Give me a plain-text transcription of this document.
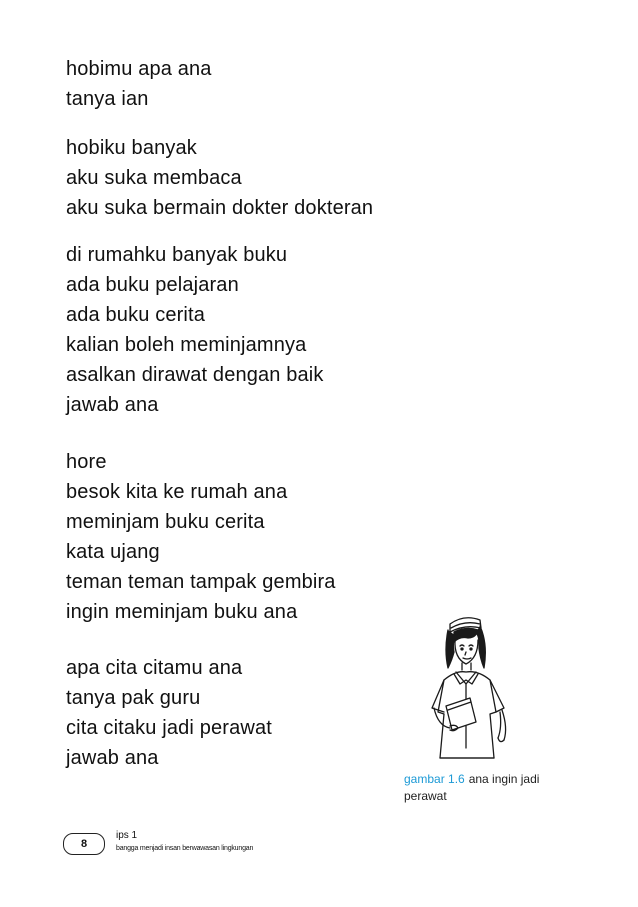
hobimu apa ana
tanya ian
hobiku banyak
aku suka membaca
aku suka bermain dokter dokteran
di rumahku banyak buku
ada buku pelajaran
ada buku cerita
kalian boleh meminjamnya
asalkan dirawat dengan baik
jawab ana
hore
besok kita ke rumah ana
meminjam buku cerita
kata ujang
teman teman tampak gembira
ingin meminjam buku ana
apa cita citamu ana
tanya pak guru
cita citaku jadi perawat
jawab ana
gambar 1.6 ana ingin jadi perawat
8
ips 1
bangga menjadi insan berwawasan lingkungan
